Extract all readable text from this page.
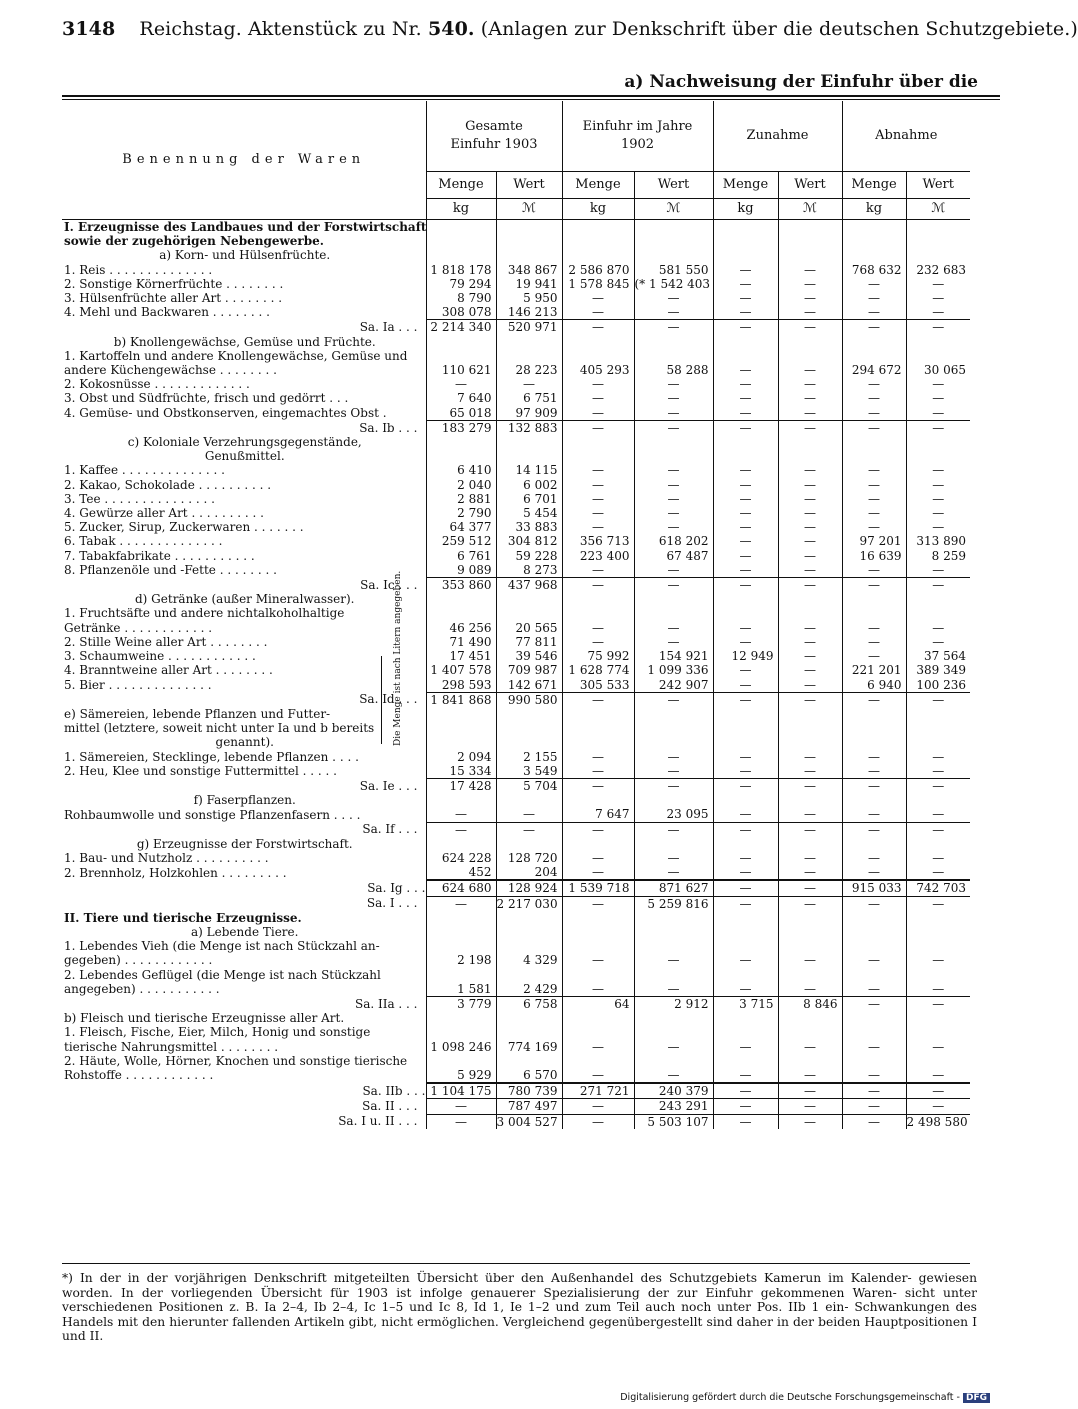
3148 Reichstag. Aktenstück zu Nr. 540. (Anlagen zur Denkschrift über die deutschen Schutzgebiete.)
a) Nachweisung der Einfuhr über die
Benennung der Waren	Gesamte Einfuhr 1903		Einfuhr im Jahre 1902		Zunahme		Abnahme	
	Menge	Wert	Menge	Wert	Menge	Wert	Menge	Wert
	kg	ℳ	kg	ℳ	kg	ℳ	kg	ℳ
I. Erzeugnisse des Landbaues und der Forstwirtschaft								
sowie der zugehörigen Nebengewerbe.								
a) Korn- und Hülsenfrüchte.								
1. Reis . . . . . . . . . . . . . .	1 818 178	348 867	2 586 870	581 550	—	—	768 632	232 683
2. Sonstige Körnerfrüchte . . . . . . . .	79 294	19 941	1 578 845	(* 1 542 403	—	—	—	—
3. Hülsenfrüchte aller Art . . . . . . . .	8 790	5 950	—	—	—	—	—	—
4. Mehl und Backwaren . . . . . . . .	308 078	146 213	—	—	—	—	—	—

Sa. Ia . . .	2 214 340	520 971	—	—	—	—	—	—
b) Knollengewächse, Gemüse und Früchte.								
1. Kartoffeln und andere Knollengewächse, Gemüse und								
andere Küchengewächse . . . . . . . .	110 621	28 223	405 293	58 288	—	—	294 672	30 065
2. Kokosnüsse . . . . . . . . . . . . .	—	—	—	—	—	—	—	—
3. Obst und Südfrüchte, frisch und gedörrt . . .	7 640	6 751	—	—	—	—	—	—
4. Gemüse- und Obstkonserven, eingemachtes Obst .	65 018	97 909	—	—	—	—	—	—

Sa. Ib . . .	183 279	132 883	—	—	—	—	—	—
c) Koloniale Verzehrungsgegenstände,								
Genußmittel.								
1. Kaffee . . . . . . . . . . . . . .	6 410	14 115	—	—	—	—	—	—
2. Kakao, Schokolade . . . . . . . . . .	2 040	6 002	—	—	—	—	—	—
3. Tee . . . . . . . . . . . . . . .	2 881	6 701	—	—	—	—	—	—
4. Gewürze aller Art . . . . . . . . . .	2 790	5 454	—	—	—	—	—	—
5. Zucker, Sirup, Zuckerwaren . . . . . . .	64 377	33 883	—	—	—	—	—	—
6. Tabak . . . . . . . . . . . . . .	259 512	304 812	356 713	618 202	—	—	97 201	313 890
7. Tabakfabrikate . . . . . . . . . . .	6 761	59 228	223 400	67 487	—	—	16 639	8 259
8. Pflanzenöle und -Fette . . . . . . . .	9 089	8 273	—	—	—	—	—	—

Sa. Ic . . .	353 860	437 968	—	—	—	—	—	—
d) Getränke (außer Mineralwasser).								
1. Fruchtsäfte und andere nichtalkoholhaltige								
Getränke . . . . . . . . . . . .	46 256	20 565	—	—	—	—	—	—
2. Stille Weine aller Art . . . . . . . .	71 490	77 811	—	—	—	—	—	—
3. Schaumweine . . . . . . . . . . . .	17 451	39 546	75 992	154 921	12 949	—	—	37 564
4. Branntweine aller Art . . . . . . . .	1 407 578	709 987	1 628 774	1 099 336	—	—	221 201	389 349
5. Bier . . . . . . . . . . . . . .	298 593	142 671	305 533	242 907	—	—	6 940	100 236

Sa. Id . . .	1 841 868	990 580	—	—	—	—	—	—
e) Sämereien, lebende Pflanzen und Futter-								
mittel (letztere, soweit nicht unter Ia und b bereits								
genannt).								
1. Sämereien, Stecklinge, lebende Pflanzen . . . .	2 094	2 155	—	—	—	—	—	—
2. Heu, Klee und sonstige Futtermittel . . . . .	15 334	3 549	—	—	—	—	—	—

Sa. Ie . . .	17 428	5 704	—	—	—	—	—	—
f) Faserpflanzen.								
Rohbaumwolle und sonstige Pflanzenfasern . . . .	—	—	7 647	23 095	—	—	—	—

Sa. If . . .	—	—	—	—	—	—	—	—
g) Erzeugnisse der Forstwirtschaft.								
1. Bau- und Nutzholz . . . . . . . . . .	624 228	128 720	—	—	—	—	—	—
2. Brennholz, Holzkohlen . . . . . . . . .	452	204	—	—	—	—	—	—

Sa. Ig . . .	624 680	128 924	1 539 718	871 627	—	—	915 033	742 703

Sa. I . . .	—	2 217 030	—	5 259 816	—	—	—	—
II. Tiere und tierische Erzeugnisse.								
a) Lebende Tiere.								
1. Lebendes Vieh (die Menge ist nach Stückzahl an-								
gegeben) . . . . . . . . . . . .	2 198	4 329	—	—	—	—	—	—
2. Lebendes Geflügel (die Menge ist nach Stückzahl								
angegeben) . . . . . . . . . . .	1 581	2 429	—	—	—	—	—	—

Sa. IIa . . .	3 779	6 758	64	2 912	3 715	8 846	—	—
b) Fleisch und tierische Erzeugnisse aller Art.								
1. Fleisch, Fische, Eier, Milch, Honig und sonstige								
tierische Nahrungsmittel . . . . . . . .	1 098 246	774 169	—	—	—	—	—	—
2. Häute, Wolle, Hörner, Knochen und sonstige tierische								
Rohstoffe . . . . . . . . . . . .	5 929	6 570	—	—	—	—	—	—

Sa. IIb . . .	1 104 175	780 739	271 721	240 379	—	—	—	—

Sa. II . . .	—	787 497	—	243 291	—	—	—	—

Sa. I u. II . . .	—	3 004 527	—	5 503 107	—	—	—	2 498 580
Die Menge ist nach Litern angegeben.
*) In der in der vorjährigen Denkschrift mitgeteilten Übersicht über den Außenhandel des Schutzgebiets Kamerun im Kalender- gewiesen worden. In der vorliegenden Übersicht für 1903 ist infolge genauerer Spezialisierung der zur Einfuhr gekommenen Waren- sicht unter verschiedenen Positionen z. B. Ia 2–4, Ib 2–4, Ic 1–5 und Ic 8, Id 1, Ie 1–2 und zum Teil auch noch unter Pos. IIb 1 ein- Schwankungen des Handels mit den hierunter fallenden Artikeln gibt, nicht ermöglichen. Vergleichend gegenübergestellt sind daher in der beiden Hauptpositionen I und II.
Digitalisierung gefördert durch die Deutsche Forschungsgemeinschaft - DFG
